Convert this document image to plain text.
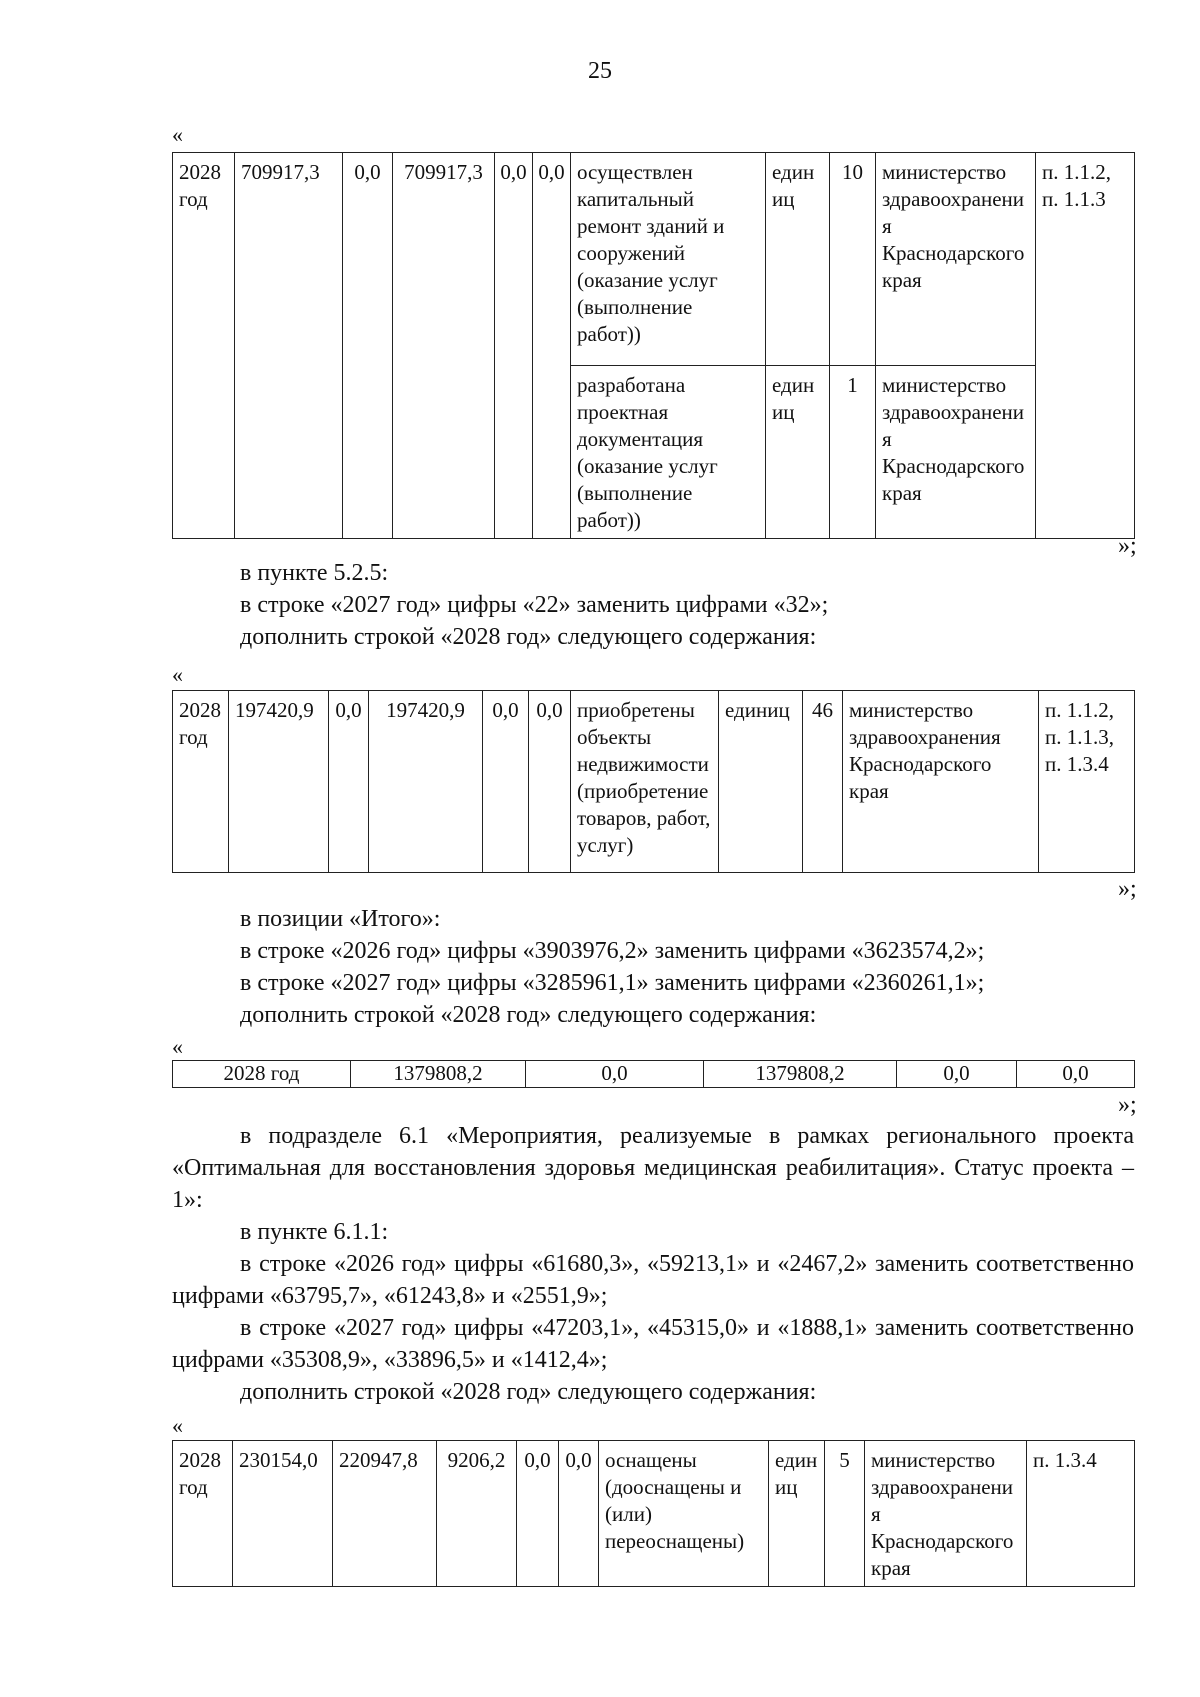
25
«
2028 год	709917,3	0,0	709917,3	0,0	0,0	осуществлен капитальный ремонт зданий и сооружений (оказание услуг (выполнение работ))	единиц	10	министерство здравоохранения Краснодарского края	п. 1.1.2, п. 1.1.3
						разработана проектная документация (оказание услуг (выполнение работ))	единиц	1	министерство здравоохранения Краснодарского края	
»;
в пункте 5.2.5:
в строке «2027 год» цифры «22» заменить цифрами «32»;
дополнить строкой «2028 год» следующего содержания:
«
2028 год	197420,9	0,0	197420,9	0,0	0,0	приобретены объекты недвижимости (приобретение товаров, работ, услуг)	единиц	46	министерство здравоохранения Краснодарского края	п. 1.1.2, п. 1.1.3, п. 1.3.4
»;
в позиции «Итого»:
в строке «2026 год» цифры «3903976,2» заменить цифрами «3623574,2»;
в строке «2027 год» цифры «3285961,1» заменить цифрами «2360261,1»;
дополнить строкой «2028 год» следующего содержания:
«
2028 год	1379808,2	0,0	1379808,2	0,0	0,0
»;
в подразделе 6.1 «Мероприятия, реализуемые в рамках регионального проекта «Оптимальная для восстановления здоровья медицинская реабилитация». Статус проекта – 1»:
в пункте 6.1.1:
в строке «2026 год» цифры «61680,3», «59213,1» и «2467,2» заменить соответственно цифрами «63795,7», «61243,8» и «2551,9»;
в строке «2027 год» цифры «47203,1», «45315,0» и «1888,1» заменить соответственно цифрами «35308,9», «33896,5» и «1412,4»;
дополнить строкой «2028 год» следующего содержания:
«
2028 год	230154,0	220947,8	9206,2	0,0	0,0	оснащены (дооснащены и (или) переоснащены)	единиц	5	министерство здравоохранения Краснодарского края	п. 1.3.4
